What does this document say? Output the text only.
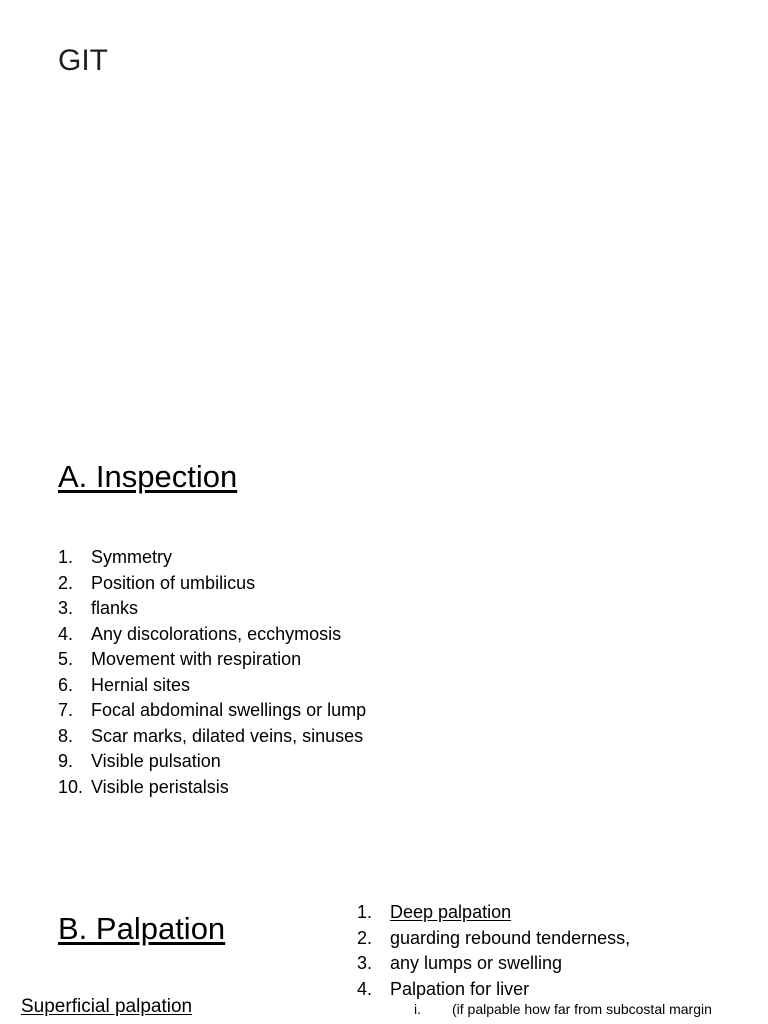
GIT
A. Inspection
1. Symmetry
2. Position of umbilicus
3. flanks
4. Any discolorations, ecchymosis
5. Movement with respiration
6. Hernial sites
7. Focal abdominal swellings or lump
8. Scar marks, dilated veins, sinuses
9. Visible pulsation
10. Visible peristalsis
B. Palpation	1. Deep palpation
2. guarding rebound tenderness,
3. any lumps or swelling
4. Palpation for liver
i.	(if palpable how far from subcostal margin

Superficial palpation
